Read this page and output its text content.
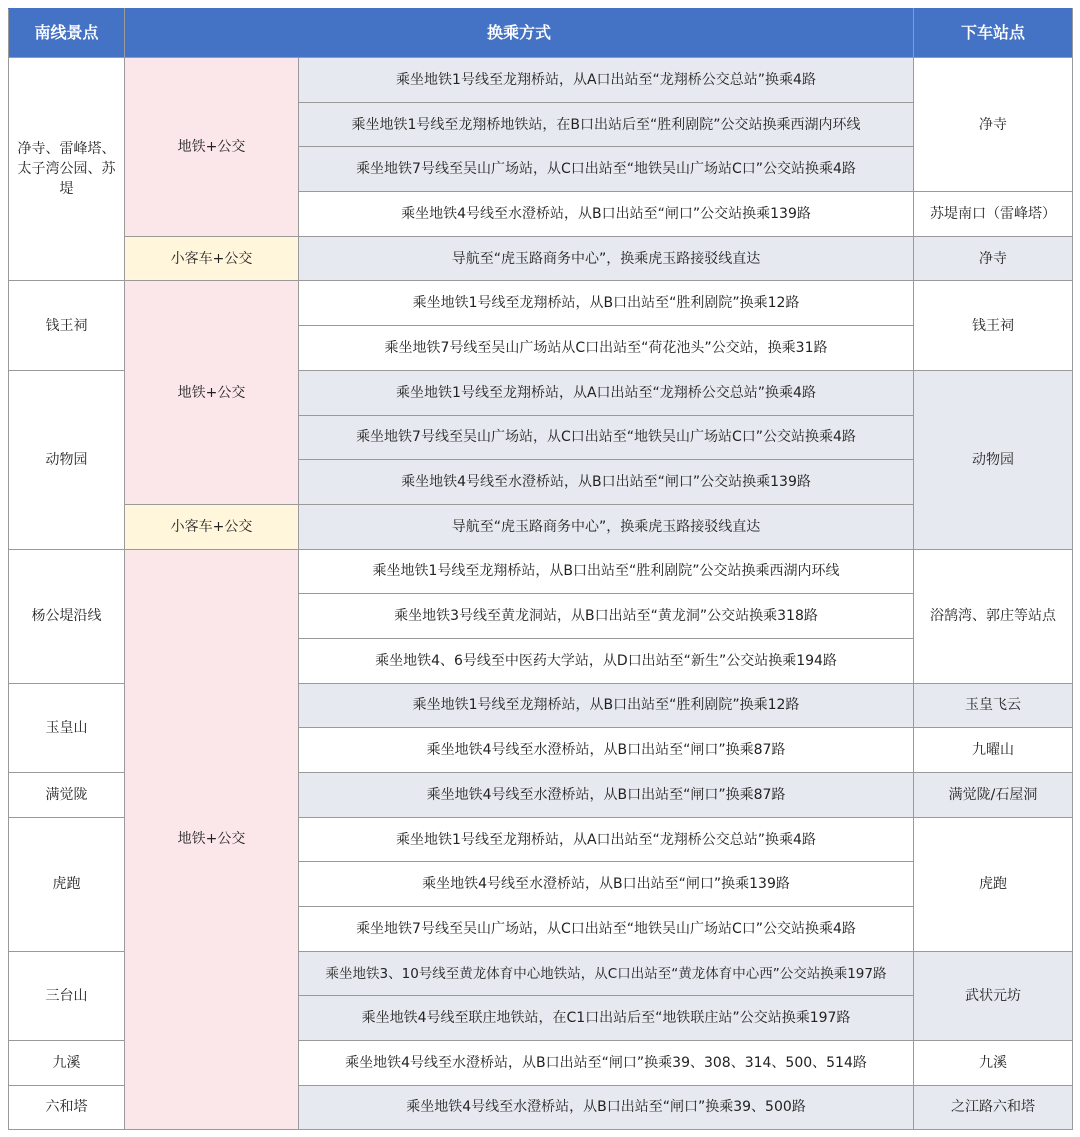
南线景点	换乘方式		下车站点
净寺、雷峰塔、太子湾公园、苏堤	地铁+公交	乘坐地铁1号线至龙翔桥站，从A口出站至“龙翔桥公交总站”换乘4路	净寺
		乘坐地铁1号线至龙翔桥地铁站，在B口出站后至“胜利剧院”公交站换乘西湖内环线	
		乘坐地铁7号线至吴山广场站，从C口出站至“地铁吴山广场站C口”公交站换乘4路	
		乘坐地铁4号线至水澄桥站，从B口出站至“闸口”公交站换乘139路	苏堤南口（雷峰塔）
	小客车+公交	导航至“虎玉路商务中心”，换乘虎玉路接驳线直达	净寺
钱王祠	地铁+公交	乘坐地铁1号线至龙翔桥站，从B口出站至“胜利剧院”换乘12路	钱王祠
		乘坐地铁7号线至吴山广场站从C口出站至“荷花池头”公交站，换乘31路	
动物园		乘坐地铁1号线至龙翔桥站，从A口出站至“龙翔桥公交总站”换乘4路	动物园
		乘坐地铁7号线至吴山广场站，从C口出站至“地铁吴山广场站C口”公交站换乘4路	
		乘坐地铁4号线至水澄桥站，从B口出站至“闸口”公交站换乘139路	
	小客车+公交	导航至“虎玉路商务中心”，换乘虎玉路接驳线直达	
杨公堤沿线	地铁+公交	乘坐地铁1号线至龙翔桥站，从B口出站至“胜利剧院”公交站换乘西湖内环线	浴鹄湾、郭庄等站点
		乘坐地铁3号线至黄龙洞站，从B口出站至“黄龙洞”公交站换乘318路	
		乘坐地铁4、6号线至中医药大学站，从D口出站至“新生”公交站换乘194路	
玉皇山		乘坐地铁1号线至龙翔桥站，从B口出站至“胜利剧院”换乘12路	玉皇飞云
		乘坐地铁4号线至水澄桥站，从B口出站至“闸口”换乘87路	九曜山
满觉陇		乘坐地铁4号线至水澄桥站，从B口出站至“闸口”换乘87路	满觉陇/石屋洞
虎跑		乘坐地铁1号线至龙翔桥站，从A口出站至“龙翔桥公交总站”换乘4路	虎跑
		乘坐地铁4号线至水澄桥站，从B口出站至“闸口”换乘139路	
		乘坐地铁7号线至吴山广场站，从C口出站至“地铁吴山广场站C口”公交站换乘4路	
三台山		乘坐地铁3、10号线至黄龙体育中心地铁站，从C口出站至“黄龙体育中心西”公交站换乘197路	武状元坊
		乘坐地铁4号线至联庄地铁站，在C1口出站后至“地铁联庄站”公交站换乘197路	
九溪		乘坐地铁4号线至水澄桥站，从B口出站至“闸口”换乘39、308、314、500、514路	九溪
六和塔		乘坐地铁4号线至水澄桥站，从B口出站至“闸口”换乘39、500路	之江路六和塔
